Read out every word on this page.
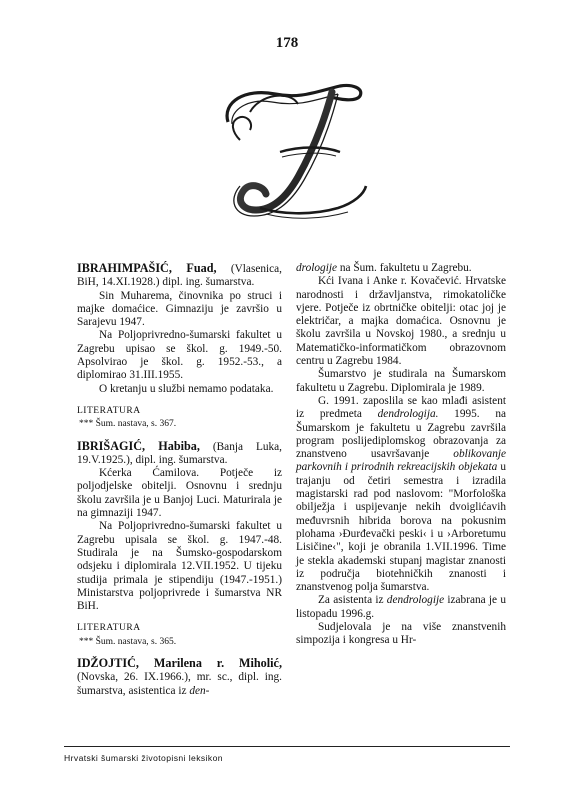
178

IBRAHIMPAŠIĆ, Fuad, (Vlasenica, BiH, 14.XI.1928.) dipl. ing. šumarstva.

Sin Muharema, činovnika po struci i majke domaćice. Gimnaziju je završio u Sarajevu 1947.

Na Poljoprivredno-šumarski fakultet u Zagrebu upisao se škol. g. 1949.-50. Apsolvirao je škol. g. 1952.-53., a diplomirao 31.III.1955.

O kretanju u službi nemamo podataka.

LITERATURA

*** Šum. nastava, s. 367.

IBRIŠAGIĆ, Habiba, (Banja Luka, 19.V.1925.), dipl. ing. šumarstva.

Kćerka Ćamilova. Potječe iz poljodjelske obitelji. Osnovnu i srednju školu završila je u Banjoj Luci. Maturirala je na gimnaziji 1947.

Na Poljoprivredno-šumarski fakultet u Zagrebu upisala se škol. g. 1947.-48. Studirala je na Šumsko-gospodarskom odsjeku i diplomirala 12.VII.1952. U tijeku studija primala je stipendiju (1947.-1951.) Ministarstva poljoprivrede i šumarstva NR BiH.

LITERATURA

*** Šum. nastava, s. 365.

IDŽOJTIĆ, Marilena r. Miholić, (Novska, 26. IX.1966.), mr. sc., dipl. ing. šumarstva, asistentica iz den-

drologije na Šum. fakultetu u Zagrebu.

Kći Ivana i Anke r. Kovačević. Hrvatske narodnosti i državljanstva, rimokatoličke vjere. Potječe iz obrtničke obitelji: otac joj je električar, a majka domaćica. Osnovnu je školu završila u Novskoj 1980., a srednju u Matematičko-informatičkom obrazovnom centru u Zagrebu 1984.

Šumarstvo je studirala na Šumarskom fakultetu u Zagrebu. Diplomirala je 1989.

G. 1991. zaposlila se kao mlađi asistent iz predmeta dendrologija. 1995. na Šumarskom je fakultetu u Zagrebu završila program poslijediplomskog obrazovanja za znanstveno usavršavanje oblikovanje parkovnih i prirodnih rekreacijskih objekata u trajanju od četiri semestra i izradila magistarski rad pod naslovom: "Morfološka obilježja i uspijevanje nekih dvoiglićavih međuvrsnih hibrida borova na pokusnim plohama ›Đurđevački peski‹ i u ›Arboretumu Lisičine‹", koji je obranila 1.VII.1996. Time je stekla akademski stupanj magistar znanosti iz područja biotehničkih znanosti i znanstvenog polja šumarstva.

Za asistenta iz dendrologije izabrana je u listopadu 1996.g.

Sudjelovala je na više znanstvenih simpozija i kongresa u Hr-

Hrvatski šumarski životopisni leksikon
